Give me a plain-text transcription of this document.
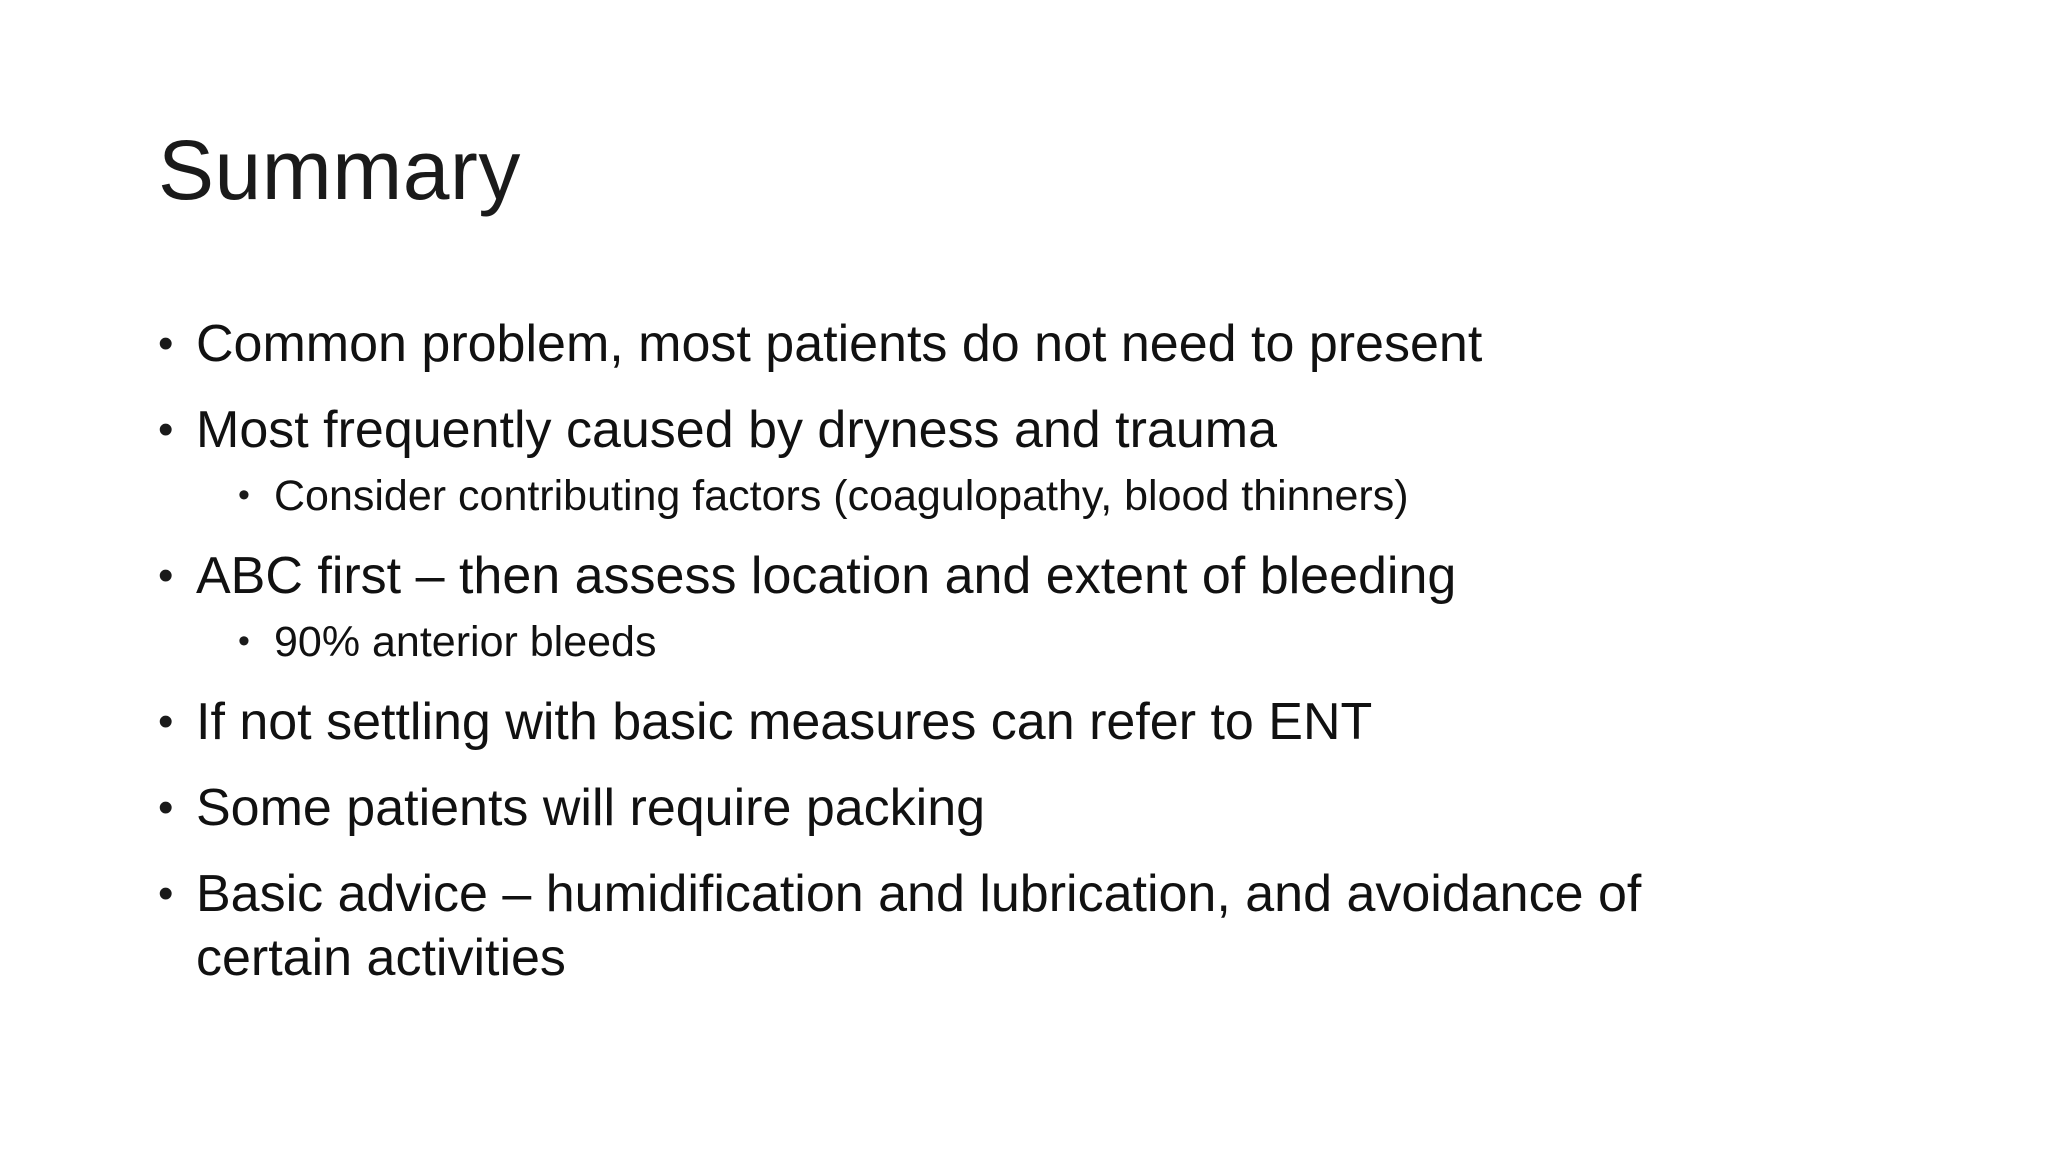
Summary
• Common problem, most patients do not need to present
• Most frequently caused by dryness and trauma
• Consider contributing factors (coagulopathy, blood thinners)
• ABC first – then assess location and extent of bleeding
• 90% anterior bleeds
• If not settling with basic measures can refer to ENT
• Some patients will require packing
• Basic advice – humidification and lubrication, and avoidance of certain activities
